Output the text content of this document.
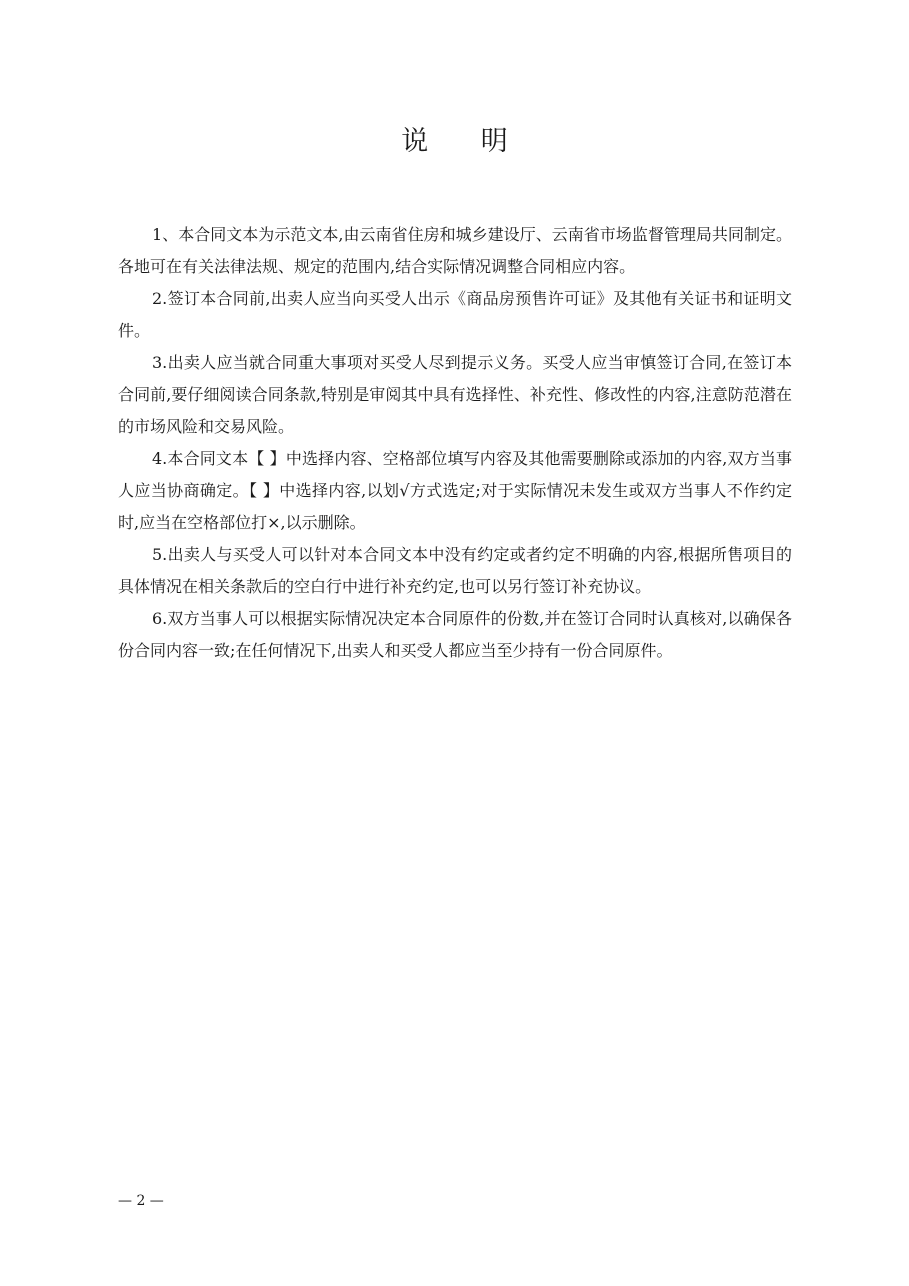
说 明

1、本合同文本为示范文本,由云南省住房和城乡建设厅、云南省市场监督管理局共同制定。各地可在有关法律法规、规定的范围内,结合实际情况调整合同相应内容。

2.签订本合同前,出卖人应当向买受人出示《商品房预售许可证》及其他有关证书和证明文件。

3.出卖人应当就合同重大事项对买受人尽到提示义务。买受人应当审慎签订合同,在签订本合同前,要仔细阅读合同条款,特别是审阅其中具有选择性、补充性、修改性的内容,注意防范潜在的市场风险和交易风险。

4.本合同文本【 】中选择内容、空格部位填写内容及其他需要删除或添加的内容,双方当事人应当协商确定。【 】中选择内容,以划√方式选定;对于实际情况未发生或双方当事人不作约定时,应当在空格部位打×,以示删除。

5.出卖人与买受人可以针对本合同文本中没有约定或者约定不明确的内容,根据所售项目的具体情况在相关条款后的空白行中进行补充约定,也可以另行签订补充协议。

6.双方当事人可以根据实际情况决定本合同原件的份数,并在签订合同时认真核对,以确保各份合同内容一致;在任何情况下,出卖人和买受人都应当至少持有一份合同原件。

— 2 —
